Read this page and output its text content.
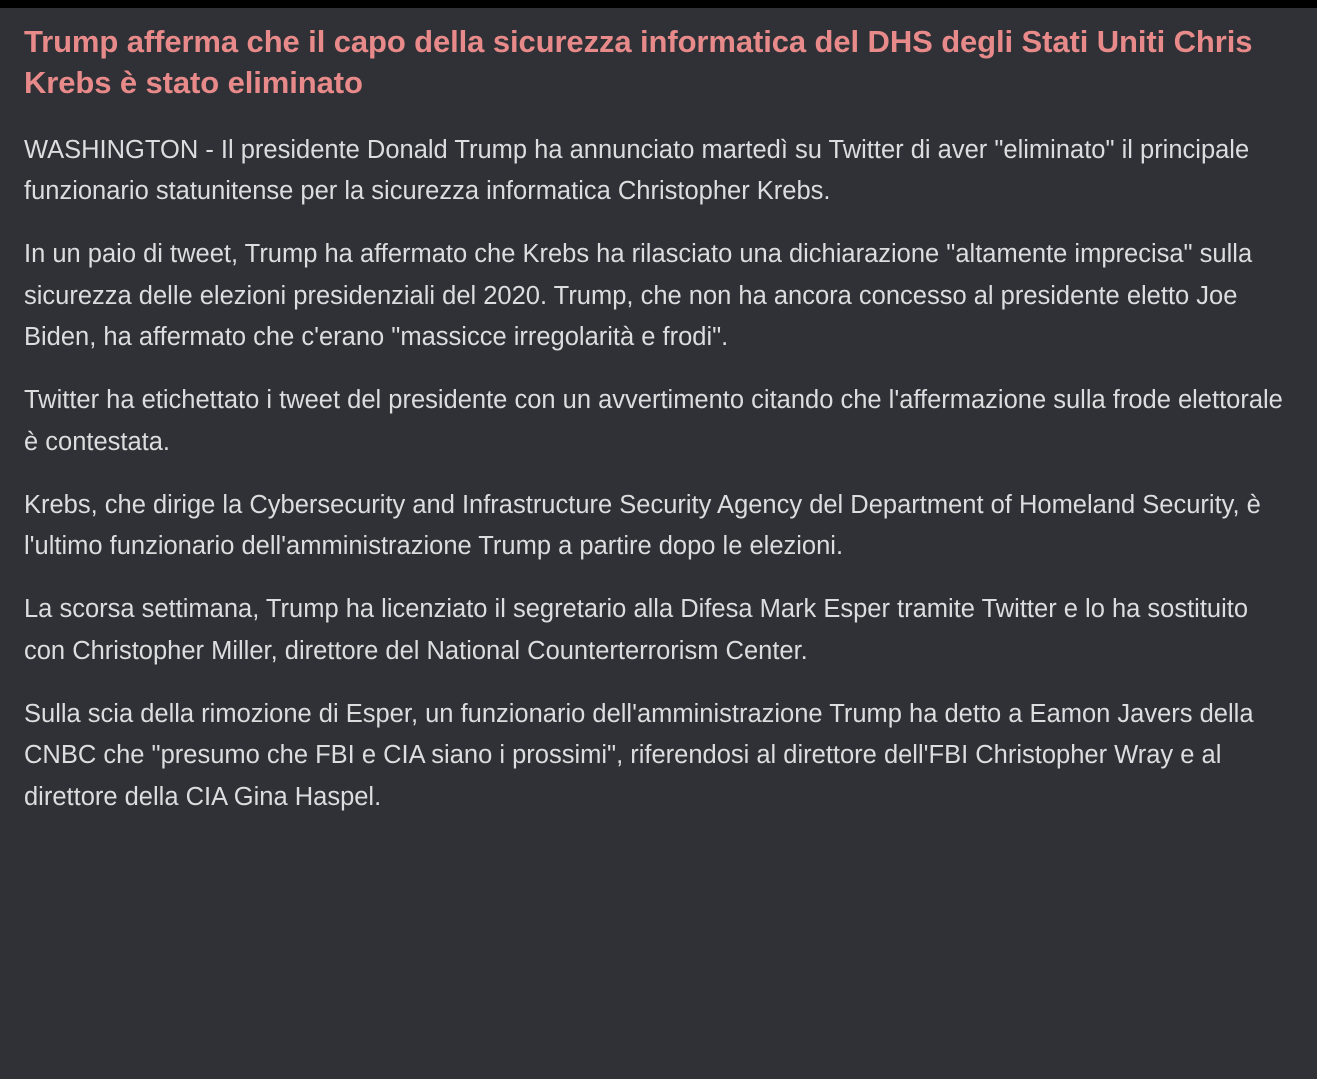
Trump afferma che il capo della sicurezza informatica del DHS degli Stati Uniti Chris Krebs è stato eliminato

WASHINGTON - Il presidente Donald Trump ha annunciato martedì su Twitter di aver "eliminato" il principale funzionario statunitense per la sicurezza informatica Christopher Krebs.

In un paio di tweet, Trump ha affermato che Krebs ha rilasciato una dichiarazione "altamente imprecisa" sulla sicurezza delle elezioni presidenziali del 2020. Trump, che non ha ancora concesso al presidente eletto Joe Biden, ha affermato che c'erano "massicce irregolarità e frodi".

Twitter ha etichettato i tweet del presidente con un avvertimento citando che l'affermazione sulla frode elettorale è contestata.

Krebs, che dirige la Cybersecurity and Infrastructure Security Agency del Department of Homeland Security, è l'ultimo funzionario dell'amministrazione Trump a partire dopo le elezioni.

La scorsa settimana, Trump ha licenziato il segretario alla Difesa Mark Esper tramite Twitter e lo ha sostituito con Christopher Miller, direttore del National Counterterrorism Center.

Sulla scia della rimozione di Esper, un funzionario dell'amministrazione Trump ha detto a Eamon Javers della CNBC che "presumo che FBI e CIA siano i prossimi", riferendosi al direttore dell'FBI Christopher Wray e al direttore della CIA Gina Haspel.
